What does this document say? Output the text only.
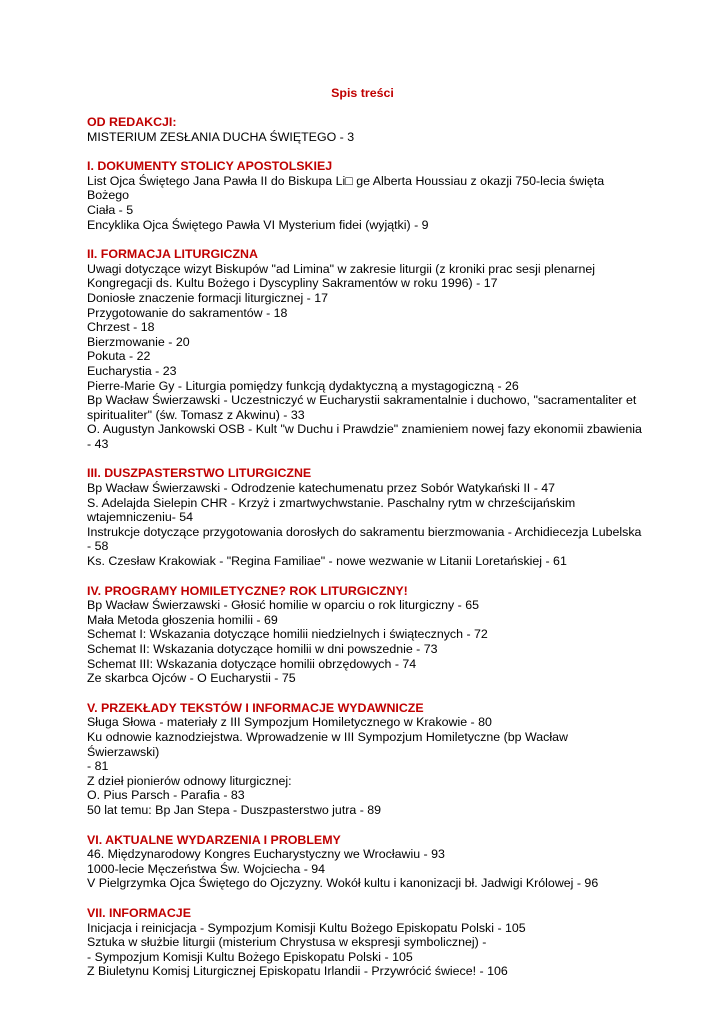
Spis treści
OD REDAKCJI:
MISTERIUM ZESŁANIA DUCHA ŚWIĘTEGO - 3
I. DOKUMENTY STOLICY APOSTOLSKIEJ
List Ojca Świętego Jana Pawła II do Biskupa Li□ ge Alberta Houssiau z okazji 750-lecia święta Bożego
Ciała - 5
Encyklika Ojca Świętego Pawła VI Mysterium fidei (wyjątki) - 9
II. FORMACJA LITURGICZNA
Uwagi dotyczące wizyt Biskupów "ad Limina" w zakresie liturgii (z kroniki prac sesji plenarnej
Kongregacji ds. Kultu Bożego i Dyscypliny Sakramentów w roku 1996) - 17
Doniosłe znaczenie formacji liturgicznej - 17
Przygotowanie do sakramentów - 18
Chrzest - 18
Bierzmowanie - 20
Pokuta - 22
Eucharystia - 23
Pierre-Marie Gy - Liturgia pomiędzy funkcją dydaktyczną a mystagogiczną - 26
Bp Wacław Świerzawski - Uczestniczyć w Eucharystii sakramentalnie i duchowo, "sacramentaliter et
spirituaIiter" (św. Tomasz z Akwinu) - 33
O. Augustyn Jankowski OSB - Kult "w Duchu i Prawdzie" znamieniem nowej fazy ekonomii zbawienia
- 43
III. DUSZPASTERSTWO LITURGICZNE
Bp Wacław Świerzawski - Odrodzenie katechumenatu przez Sobór Watykański II - 47
S. Adelajda Sielepin CHR - Krzyż i zmartwychwstanie. Paschalny rytm w chrześcijańskim
wtajemniczeniu- 54
Instrukcje dotyczące przygotowania dorosłych do sakramentu bierzmowania - Archidiecezja Lubelska
- 58
Ks. Czesław Krakowiak - "Regina Familiae" - nowe wezwanie w Litanii Loretańskiej - 61
IV. PROGRAMY HOMILETYCZNE? ROK LITURGICZNY!
Bp Wacław Świerzawski - Głosić homilie w oparciu o rok liturgiczny - 65
Mała Metoda głoszenia homilii - 69
Schemat I: Wskazania dotyczące homilii niedzielnych i świątecznych - 72
Schemat II: Wskazania dotyczące homilii w dni powszednie - 73
Schemat III: Wskazania dotyczące homilii obrzędowych - 74
Ze skarbca Ojców - O Eucharystii - 75
V. PRZEKŁADY TEKSTÓW I INFORMACJE WYDAWNICZE
Sługa Słowa - materiały z III Sympozjum Homiletycznego w Krakowie - 80
Ku odnowie kaznodziejstwa. Wprowadzenie w III Sympozjum Homiletyczne (bp Wacław Świerzawski)
- 81
Z dzieł pionierów odnowy liturgicznej:
O. Pius Parsch - Parafia - 83
50 lat temu: Bp Jan Stepa - Duszpasterstwo jutra - 89
VI. AKTUALNE WYDARZENIA I PROBLEMY
46. Międzynarodowy Kongres Eucharystyczny we Wrocławiu - 93
1000-lecie Męczeństwa Św. Wojciecha - 94
V Pielgrzymka Ojca Świętego do Ojczyzny. Wokół kultu i kanonizacji bł. Jadwigi Królowej - 96
VII. INFORMACJE
Inicjacja i reinicjacja - Sympozjum Komisji Kultu Bożego Episkopatu Polski - 105
Sztuka w służbie liturgii (misterium Chrystusa w ekspresji symbolicznej) -
- Sympozjum Komisji Kultu Bożego Episkopatu Polski - 105
Z Biuletynu Komisj Liturgicznej Episkopatu Irlandii - Przywrócić świece! - 106
